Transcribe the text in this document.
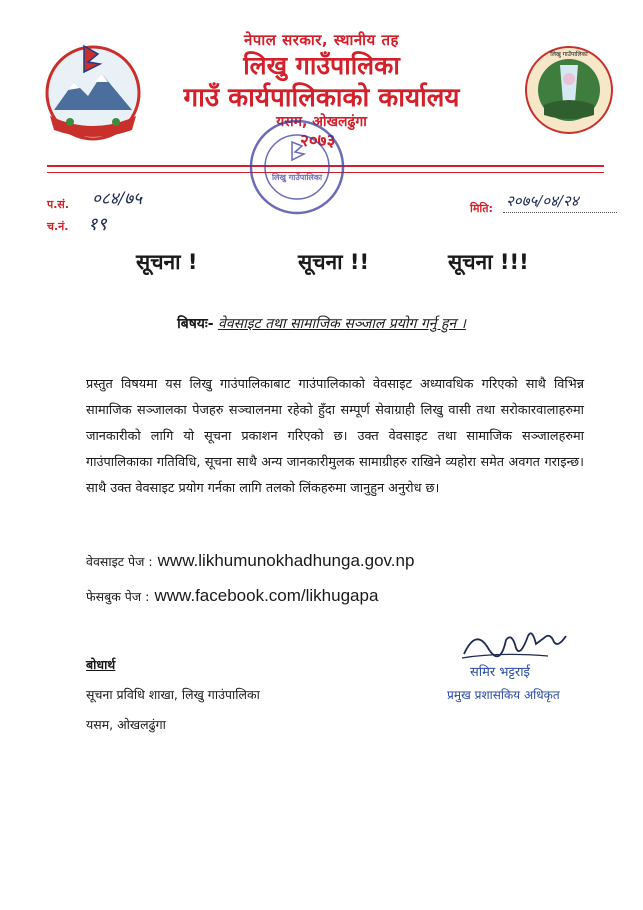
लिखु गाउँपालिका
नेपाल सरकार, स्थानीय तह
लिखु गाउँपालिका
गाउँ कार्यपालिकाको कार्यालय
यसम, ओखलढुंगा
२०७३
लिखु गाउँपालिका
प.सं. ०८४/७५
च.नं. १९
मिति: २०७५/०४/२४
सूचना !	सूचना !!	सूचना !!!
बिषयः- वेवसाइट तथा सामाजिक सञ्जाल प्रयोग गर्नु हुन ।
प्रस्तुत विषयमा यस लिखु गाउंपालिकाबाट गाउंपालिकाको वेवसाइट अध्यावधिक गरिएको साथै विभिन्न सामाजिक सञ्जालका पेजहरु सञ्चालनमा रहेको हुँदा सम्पूर्ण सेवाग्राही लिखु वासी तथा सरोकारवालाहरुमा जानकारीको लागि यो सूचना प्रकाशन गरिएको छ। उक्त वेवसाइट तथा सामाजिक सञ्जालहरुमा गाउंपालिकाका गतिविधि, सूचना साथै अन्य जानकारीमुलक सामाग्रीहरु राखिने व्यहोरा समेत अवगत गराइन्छ। साथै उक्त वेवसाइट प्रयोग गर्नका लागि तलको लिंकहरुमा जानुहुन अनुरोध छ।
वेवसाइट पेज : www.likhumunokhadhunga.gov.np
फेसबुक पेज : www.facebook.com/likhugapa
बोधार्थ
सूचना प्रविधि शाखा, लिखु गाउंपालिका
यसम, ओखलढुंगा
समिर भट्टराई
प्रमुख प्रशासकिय अधिकृत
